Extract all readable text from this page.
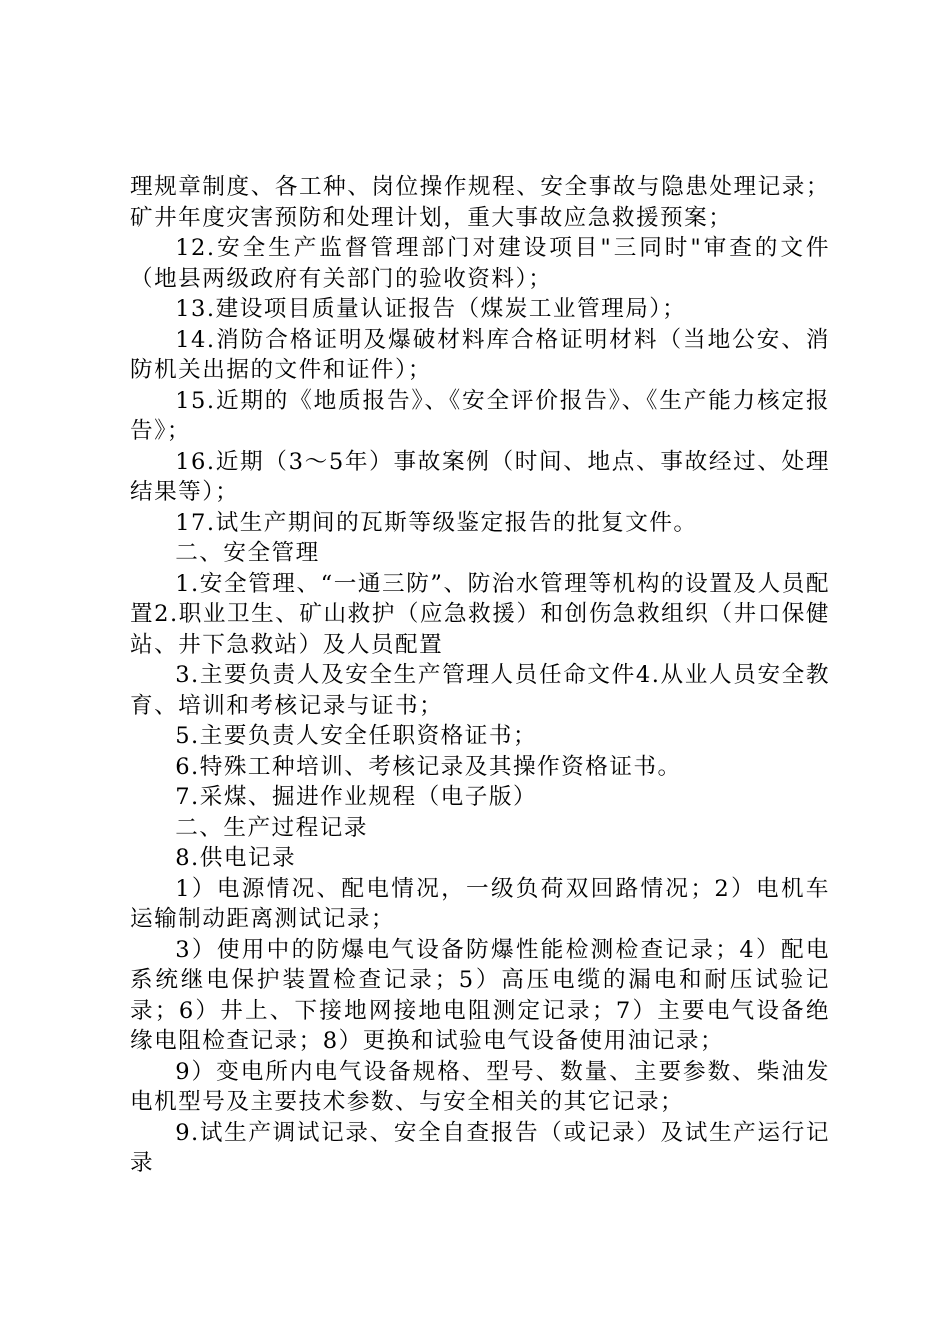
理规章制度、各工种、岗位操作规程、安全事故与隐患处理记录；矿井年度灾害预防和处理计划，重大事故应急救援预案；

12.安全生产监督管理部门对建设项目"三同时"审查的文件（地县两级政府有关部门的验收资料）；

13.建设项目质量认证报告（煤炭工业管理局）；

14.消防合格证明及爆破材料库合格证明材料（当地公安、消防机关出据的文件和证件）；

15.近期的《地质报告》、《安全评价报告》、《生产能力核定报告》；

16.近期（3～5年）事故案例（时间、地点、事故经过、处理结果等）；

17.试生产期间的瓦斯等级鉴定报告的批复文件。

二、安全管理

1.安全管理、“一通三防”、防治水管理等机构的设置及人员配置2.职业卫生、矿山救护（应急救援）和创伤急救组织（井口保健站、井下急救站）及人员配置

3.主要负责人及安全生产管理人员任命文件4.从业人员安全教育、培训和考核记录与证书；

5.主要负责人安全任职资格证书；

6.特殊工种培训、考核记录及其操作资格证书。

7.采煤、掘进作业规程（电子版）

二、生产过程记录

8.供电记录

1）电源情况、配电情况，一级负荷双回路情况；2）电机车运输制动距离测试记录；

3）使用中的防爆电气设备防爆性能检测检查记录；4）配电系统继电保护装置检查记录；5）高压电缆的漏电和耐压试验记录；6）井上、下接地网接地电阻测定记录；7）主要电气设备绝缘电阻检查记录；8）更换和试验电气设备使用油记录；

9）变电所内电气设备规格、型号、数量、主要参数、柴油发电机型号及主要技术参数、与安全相关的其它记录；

9.试生产调试记录、安全自查报告（或记录）及试生产运行记录
